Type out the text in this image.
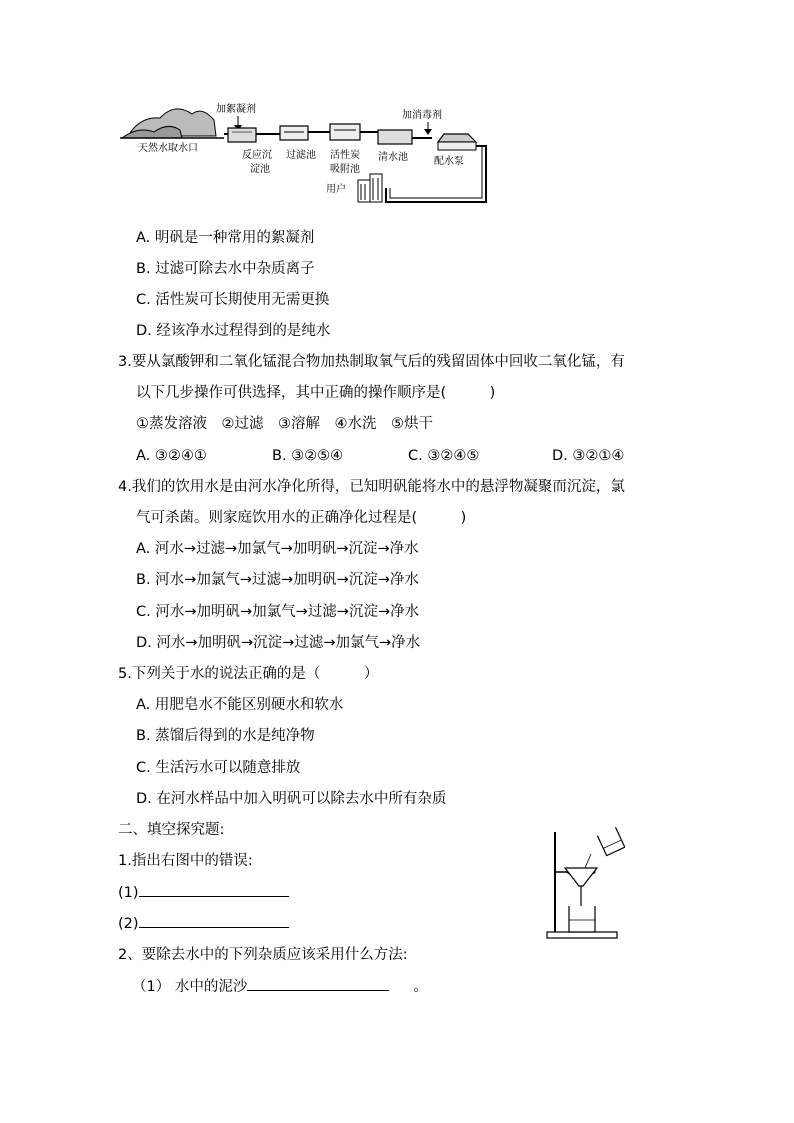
天然水取水口
加絮凝剂
反应沉
淀池
过滤池 活性炭
吸附池
清水池
加消毒剂
配水泵
用户
A. 明矾是一种常用的絮凝剂
B. 过滤可除去水中杂质离子
C. 活性炭可长期使用无需更换
D. 经该净水过程得到的是纯水
3.要从氯酸钾和二氧化锰混合物加热制取氧气后的残留固体中回收二氧化锰，有
以下几步操作可供选择，其中正确的操作顺序是(　　　)
①蒸发溶液　②过滤　③溶解　④水洗　⑤烘干
A. ③②④①	B. ③②⑤④	C. ③②④⑤	D. ③②①④
4.我们的饮用水是由河水净化所得，已知明矾能将水中的悬浮物凝聚而沉淀，氯
气可杀菌。则家庭饮用水的正确净化过程是(　　　)
A. 河水→过滤→加氯气→加明矾→沉淀→净水
B. 河水→加氯气→过滤→加明矾→沉淀→净水
C. 河水→加明矾→加氯气→过滤→沉淀→净水
D. 河水→加明矾→沉淀→过滤→加氯气→净水
5.下列关于水的说法正确的是（　　　）
A. 用肥皂水不能区别硬水和软水
B. 蒸馏后得到的水是纯净物
C. 生活污水可以随意排放
D. 在河水样品中加入明矾可以除去水中所有杂质
二、填空探究题:
1.指出右图中的错误:
(1)
(2)
2、要除去水中的下列杂质应该采用什么方法:
（1） 水中的泥沙	。
